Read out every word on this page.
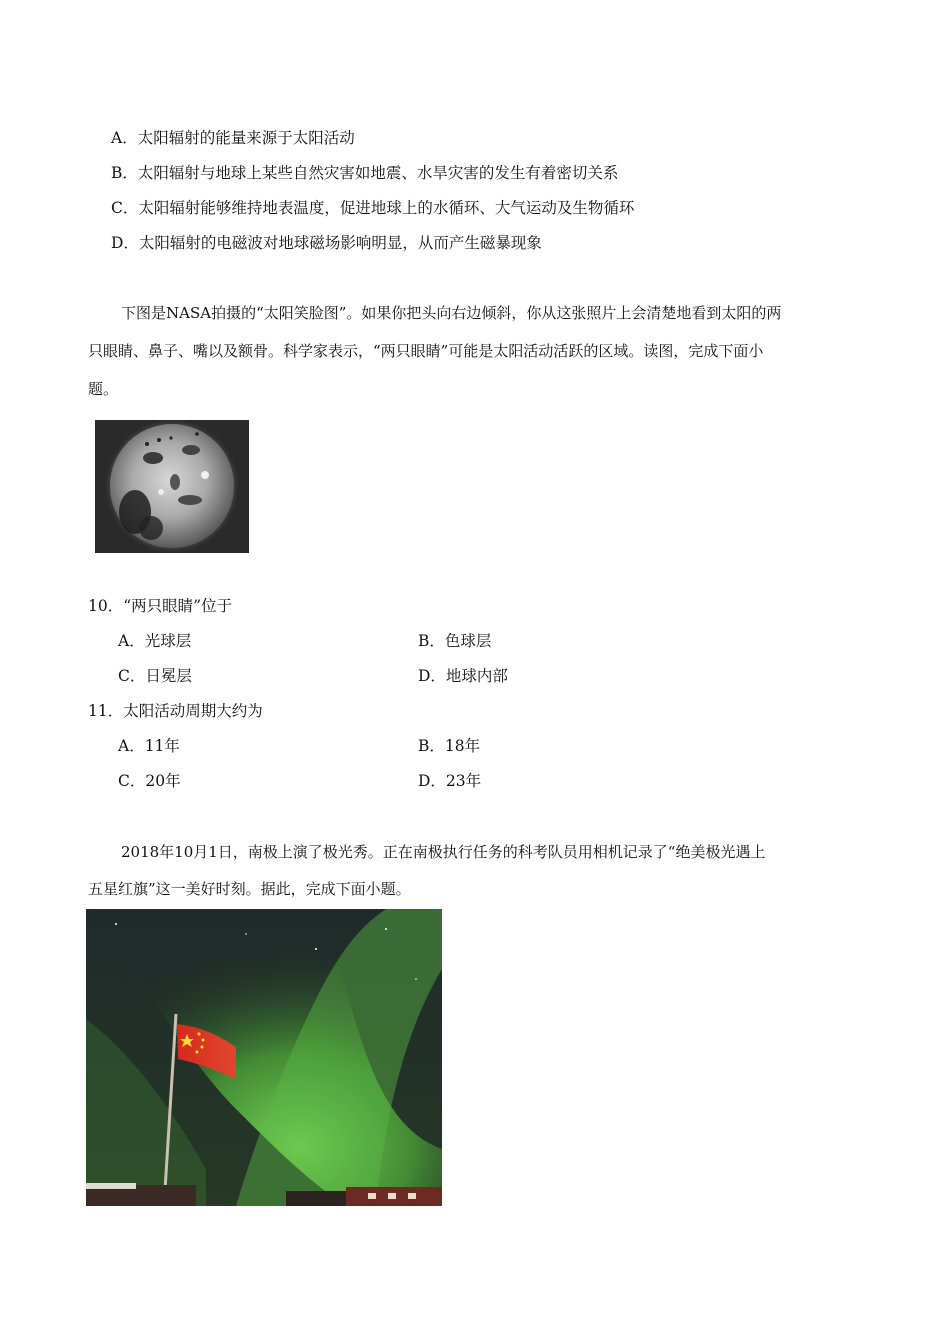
A．太阳辐射的能量来源于太阳活动
B．太阳辐射与地球上某些自然灾害如地震、水旱灾害的发生有着密切关系
C．太阳辐射能够维持地表温度，促进地球上的水循环、大气运动及生物循环
D．太阳辐射的电磁波对地球磁场影响明显，从而产生磁暴现象
下图是NASA拍摄的“太阳笑脸图”。如果你把头向右边倾斜，你从这张照片上会清楚地看到太阳的两
只眼睛、鼻子、嘴以及额骨。科学家表示，“两只眼睛”可能是太阳活动活跃的区域。读图，完成下面小
题。
10．“两只眼睛”位于
A．光球层	B．色球层
C．日冕层	D．地球内部
11．太阳活动周期大约为
A．11年	B．18年
C．20年	D．23年
2018年10月1日，南极上演了极光秀。正在南极执行任务的科考队员用相机记录了“绝美极光遇上
五星红旗”这一美好时刻。据此，完成下面小题。
